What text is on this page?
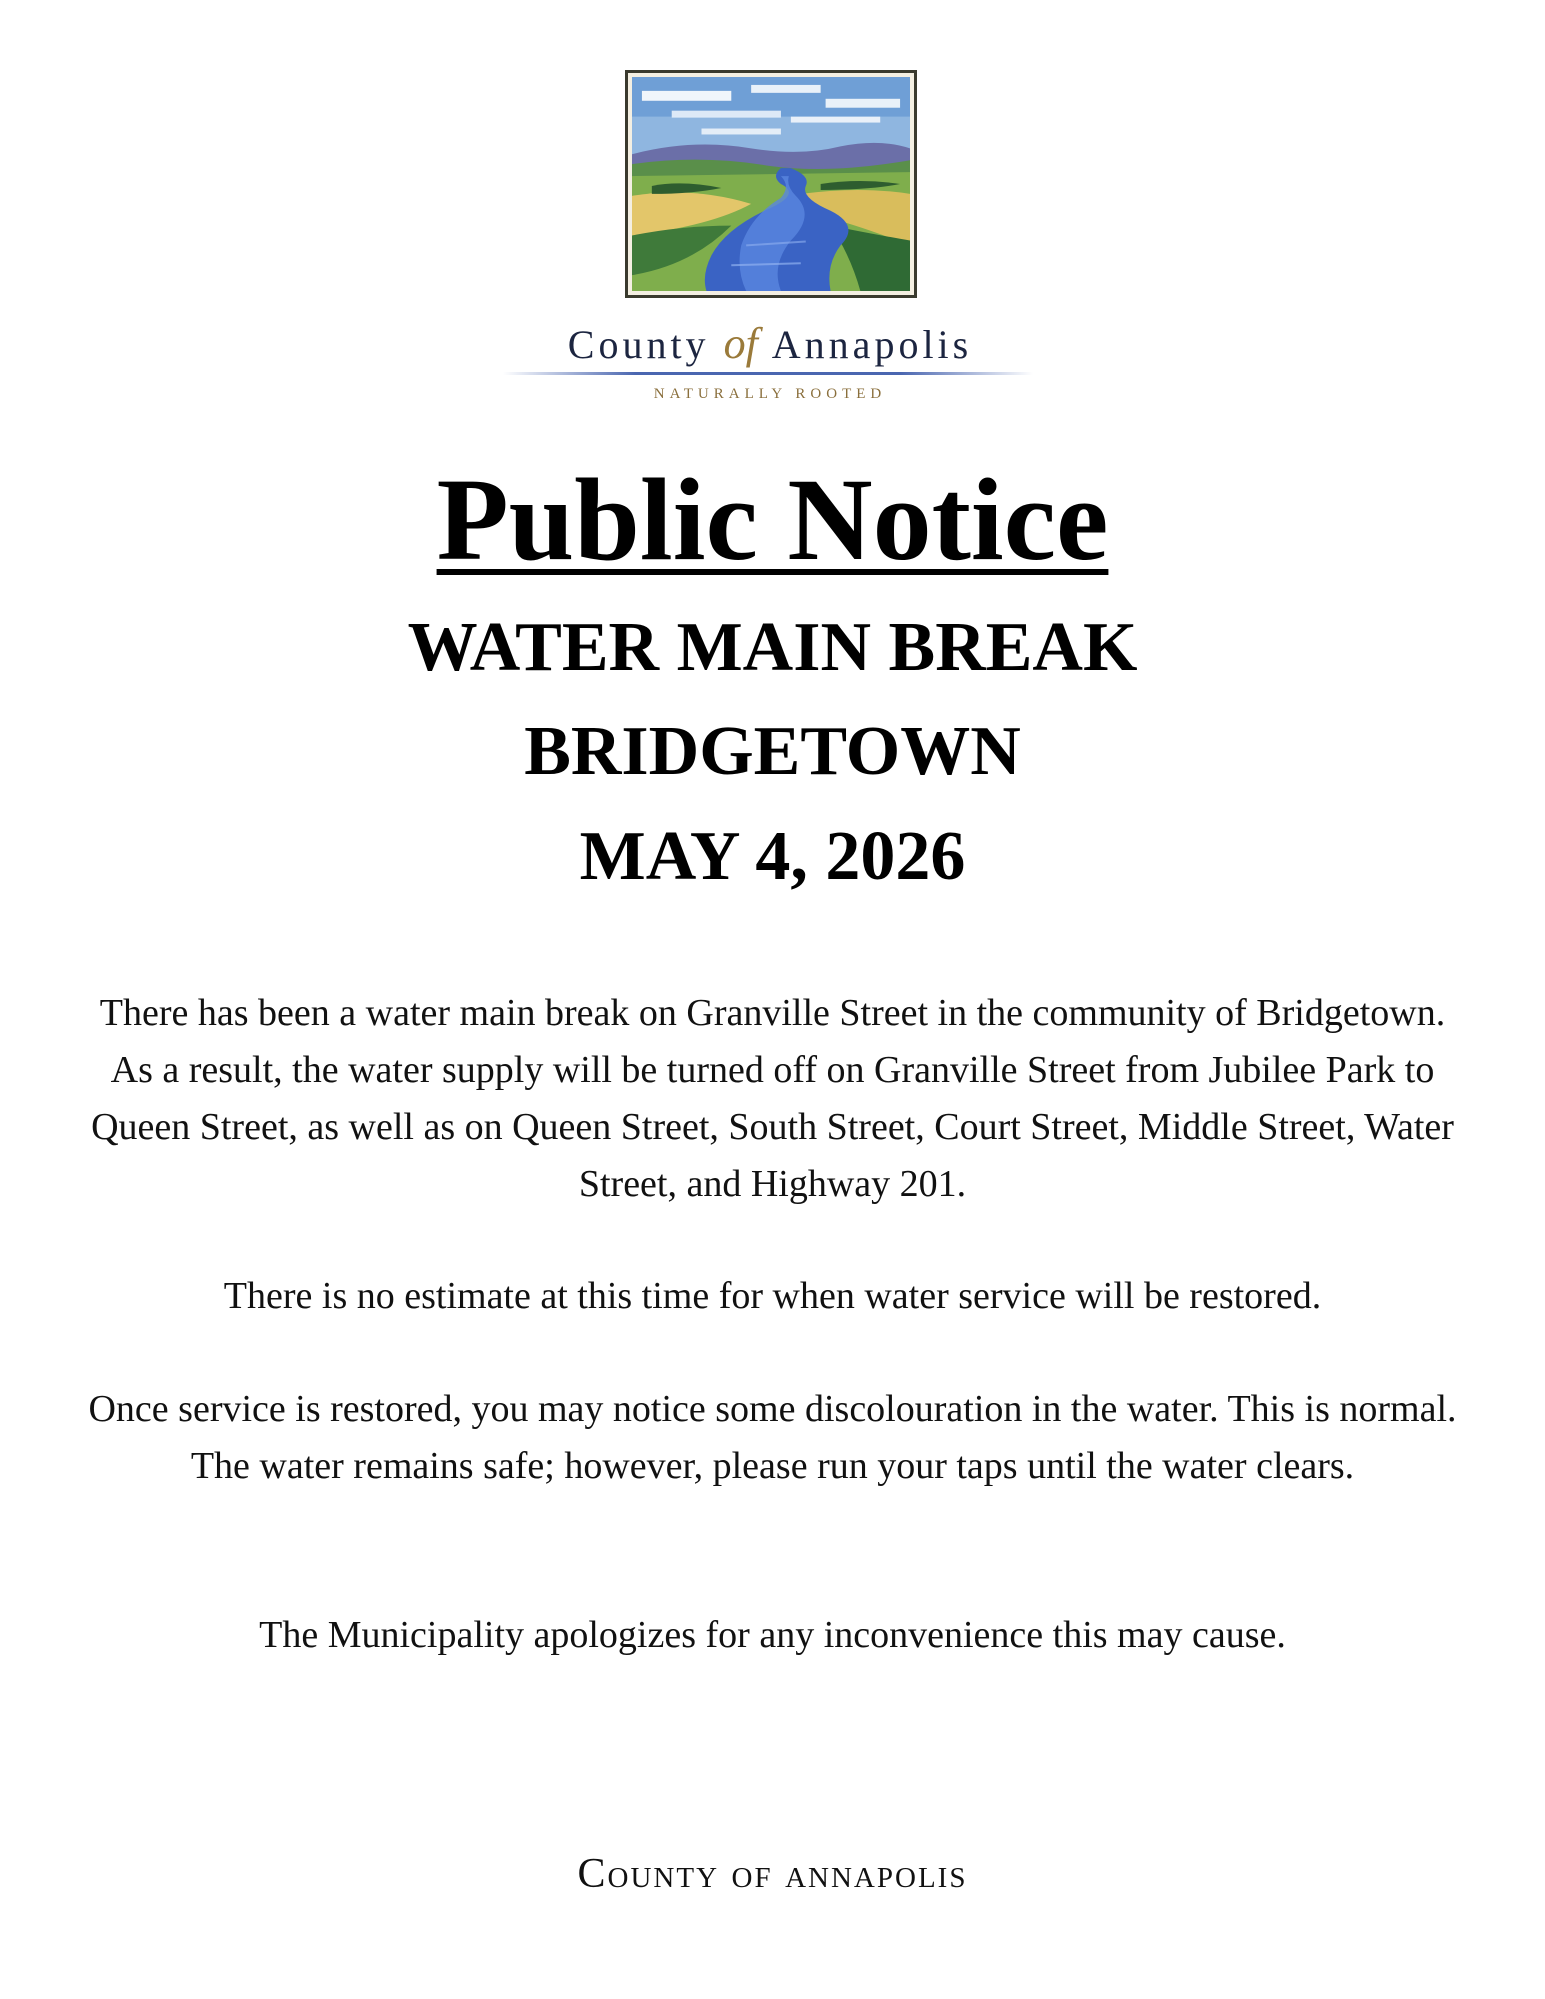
County of Annapolis
NATURALLY ROOTED
Public Notice
WATER MAIN BREAK
BRIDGETOWN
MAY 4, 2026

There has been a water main break on Granville Street in the community of Bridgetown. As a result, the water supply will be turned off on Granville Street from Jubilee Park to Queen Street, as well as on Queen Street, South Street, Court Street, Middle Street, Water Street, and Highway 201.

There is no estimate at this time for when water service will be restored.

Once service is restored, you may notice some discolouration in the water. This is normal. The water remains safe; however, please run your taps until the water clears.

The Municipality apologizes for any inconvenience this may cause.

County of annapolis
